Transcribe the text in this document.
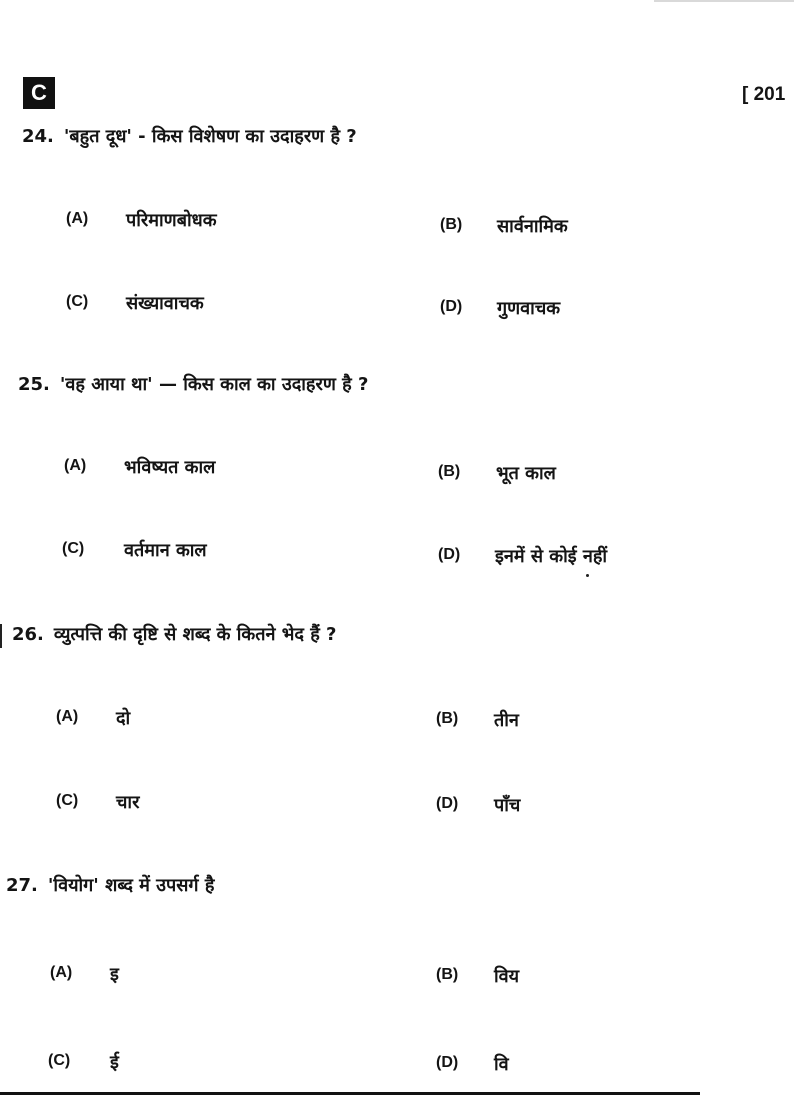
C	[ 201
24. 'बहुत दूध' - किस विशेषण का उदाहरण है ?
(A) परिमाणबोधक	(B) सार्वनामिक
(C) संख्यावाचक	(D) गुणवाचक
25. 'वह आया था' — किस काल का उदाहरण है ?
(A) भविष्यत काल	(B) भूत काल
(C) वर्तमान काल	(D) इनमें से कोई नहीं
26. व्युत्पत्ति की दृष्टि से शब्द के कितने भेद हैं ?
(A) दो	(B) तीन
(C) चार	(D) पाँच
27. 'वियोग' शब्द में उपसर्ग है
(A) इ	(B) विय
(C) ई	(D) वि
